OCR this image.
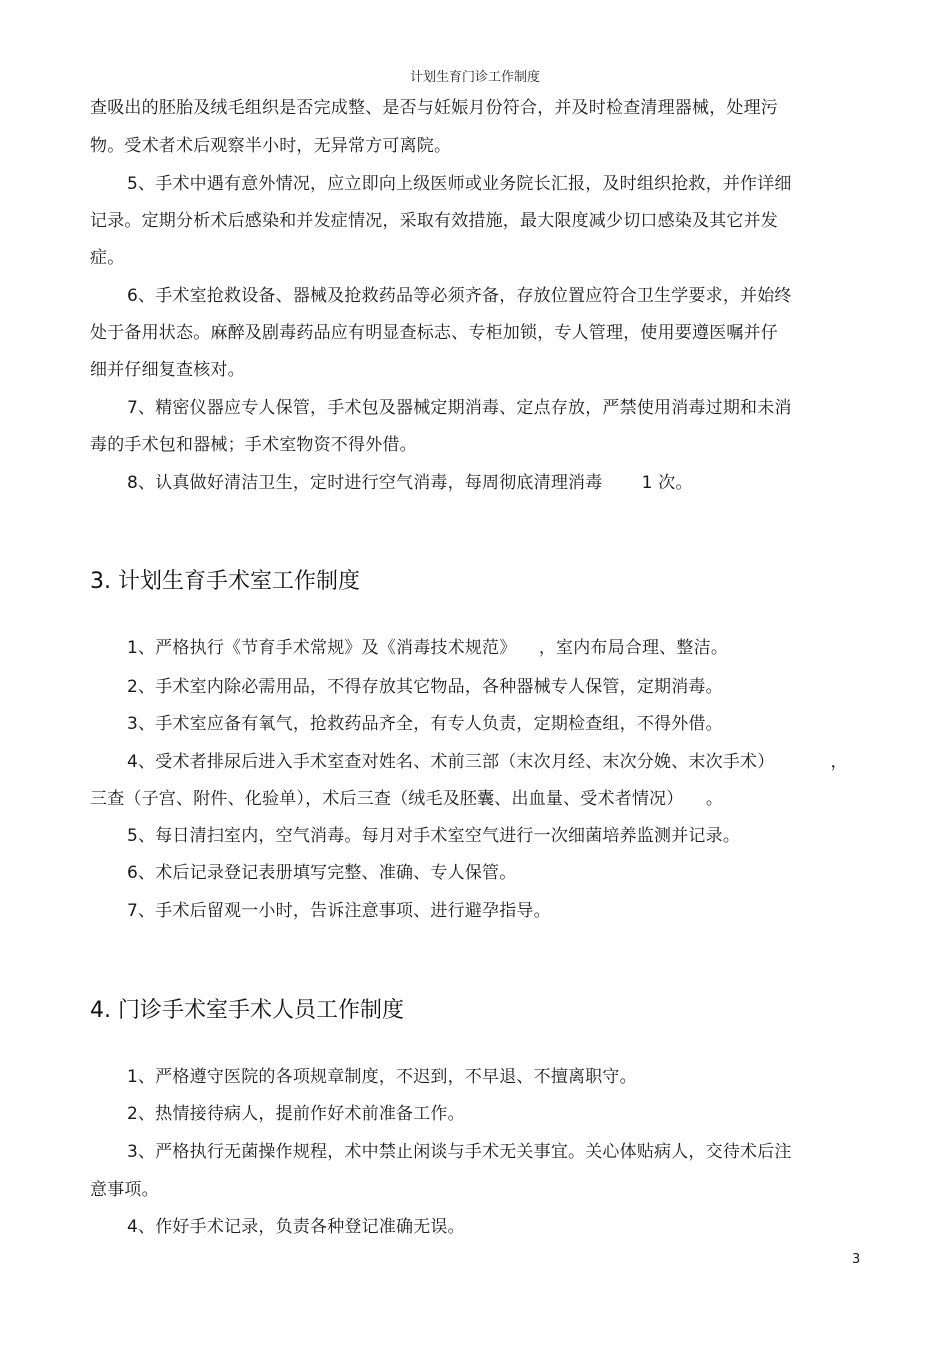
计划生育门诊工作制度
查吸出的胚胎及绒毛组织是否完成整、是否与妊娠月份符合，并及时检查清理器械，处理污
物。受术者术后观察半小时，无异常方可离院。
5、手术中遇有意外情况，应立即向上级医师或业务院长汇报，及时组织抢救，并作详细
记录。定期分析术后感染和并发症情况，采取有效措施，最大限度减少切口感染及其它并发
症。
6、手术室抢救设备、器械及抢救药品等必须齐备，存放位置应符合卫生学要求，并始终
处于备用状态。麻醉及剧毒药品应有明显查标志、专柜加锁，专人管理，使用要遵医嘱并仔
细并仔细复查核对。
7、精密仪器应专人保管，手术包及器械定期消毒、定点存放，严禁使用消毒过期和未消
毒的手术包和器械；手术室物资不得外借。
8、认真做好清洁卫生，定时进行空气消毒，每周彻底清理消毒       1 次。
3. 计划生育手术室工作制度
1、严格执行《节育手术常规》及《消毒技术规范》    ，室内布局合理、整洁。
2、手术室内除必需用品，不得存放其它物品，各种器械专人保管，定期消毒。
3、手术室应备有氧气，抢救药品齐全，有专人负责，定期检查组，不得外借。
4、受术者排尿后进入手术室查对姓名、术前三部（末次月经、末次分娩、末次手术）          ，
三查（子宫、附件、化验单），术后三查（绒毛及胚囊、出血量、受术者情况）    。
5、每日清扫室内，空气消毒。每月对手术室空气进行一次细菌培养监测并记录。
6、术后记录登记表册填写完整、准确、专人保管。
7、手术后留观一小时，告诉注意事项、进行避孕指导。
4. 门诊手术室手术人员工作制度
1、严格遵守医院的各项规章制度，不迟到，不早退、不擅离职守。
2、热情接待病人，提前作好术前准备工作。
3、严格执行无菌操作规程，术中禁止闲谈与手术无关事宜。关心体贴病人，交待术后注
意事项。
4、作好手术记录，负责各种登记准确无误。
3
